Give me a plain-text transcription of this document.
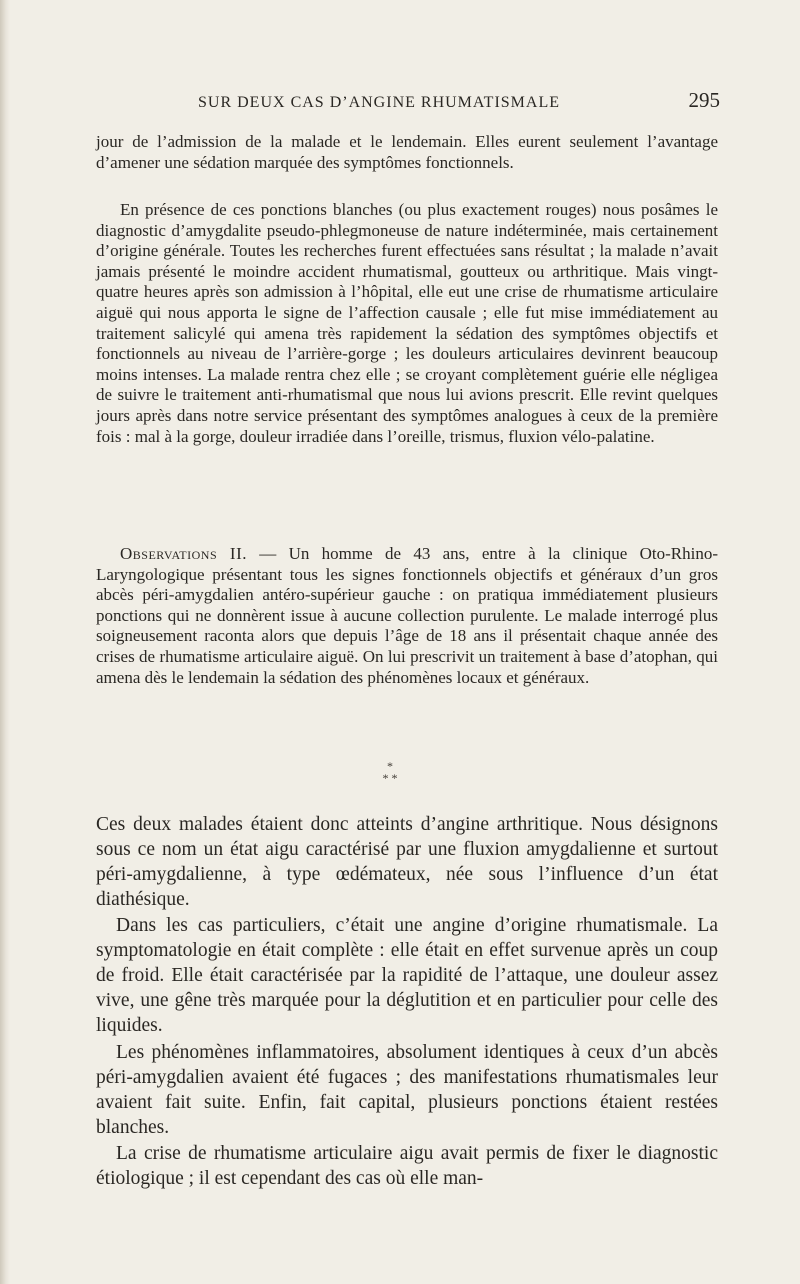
SUR DEUX CAS D’ANGINE RHUMATISMALE	295

jour de l’admission de la malade et le lendemain. Elles eurent seulement l’avantage d’amener une sédation marquée des symptômes fonctionnels.

En présence de ces ponctions blanches (ou plus exactement rouges) nous posâmes le diagnostic d’amygdalite pseudo-phlegmoneuse de nature indéterminée, mais certainement d’origine générale. Toutes les recherches furent effectuées sans résultat ; la malade n’avait jamais présenté le moindre accident rhumatismal, goutteux ou arthritique. Mais vingt-quatre heures après son admission à l’hôpital, elle eut une crise de rhumatisme articulaire aiguë qui nous apporta le signe de l’affection causale ; elle fut mise immédiatement au traitement salicylé qui amena très rapidement la sédation des symptômes objectifs et fonctionnels au niveau de l’arrière-gorge ; les douleurs articulaires devinrent beaucoup moins intenses. La malade rentra chez elle ; se croyant complètement guérie elle négligea de suivre le traitement anti-rhumatismal que nous lui avions prescrit. Elle revint quelques jours après dans notre service présentant des symptômes analogues à ceux de la première fois : mal à la gorge, douleur irradiée dans l’oreille, trismus, fluxion vélo-palatine.

Observations II. — Un homme de 43 ans, entre à la clinique Oto-Rhino-Laryngologique présentant tous les signes fonctionnels objectifs et généraux d’un gros abcès péri-amygdalien antéro-supérieur gauche : on pratiqua immédiatement plusieurs ponctions qui ne donnèrent issue à aucune collection purulente. Le malade interrogé plus soigneusement raconta alors que depuis l’âge de 18 ans il présentait chaque année des crises de rhumatisme articulaire aiguë. On lui prescrivit un traitement à base d’atophan, qui amena dès le lendemain la sédation des phénomènes locaux et généraux.

*
* *

Ces deux malades étaient donc atteints d’angine arthritique. Nous désignons sous ce nom un état aigu caractérisé par une fluxion amygdalienne et surtout péri-amygdalienne, à type œdémateux, née sous l’influence d’un état diathésique.

Dans les cas particuliers, c’était une angine d’origine rhumatismale. La symptomatologie en était complète : elle était en effet survenue après un coup de froid. Elle était caractérisée par la rapidité de l’attaque, une douleur assez vive, une gêne très marquée pour la déglutition et en particulier pour celle des liquides.

Les phénomènes inflammatoires, absolument identiques à ceux d’un abcès péri-amygdalien avaient été fugaces ; des manifestations rhumatismales leur avaient fait suite. Enfin, fait capital, plusieurs ponctions étaient restées blanches.

La crise de rhumatisme articulaire aigu avait permis de fixer le diagnostic étiologique ; il est cependant des cas où elle man-
